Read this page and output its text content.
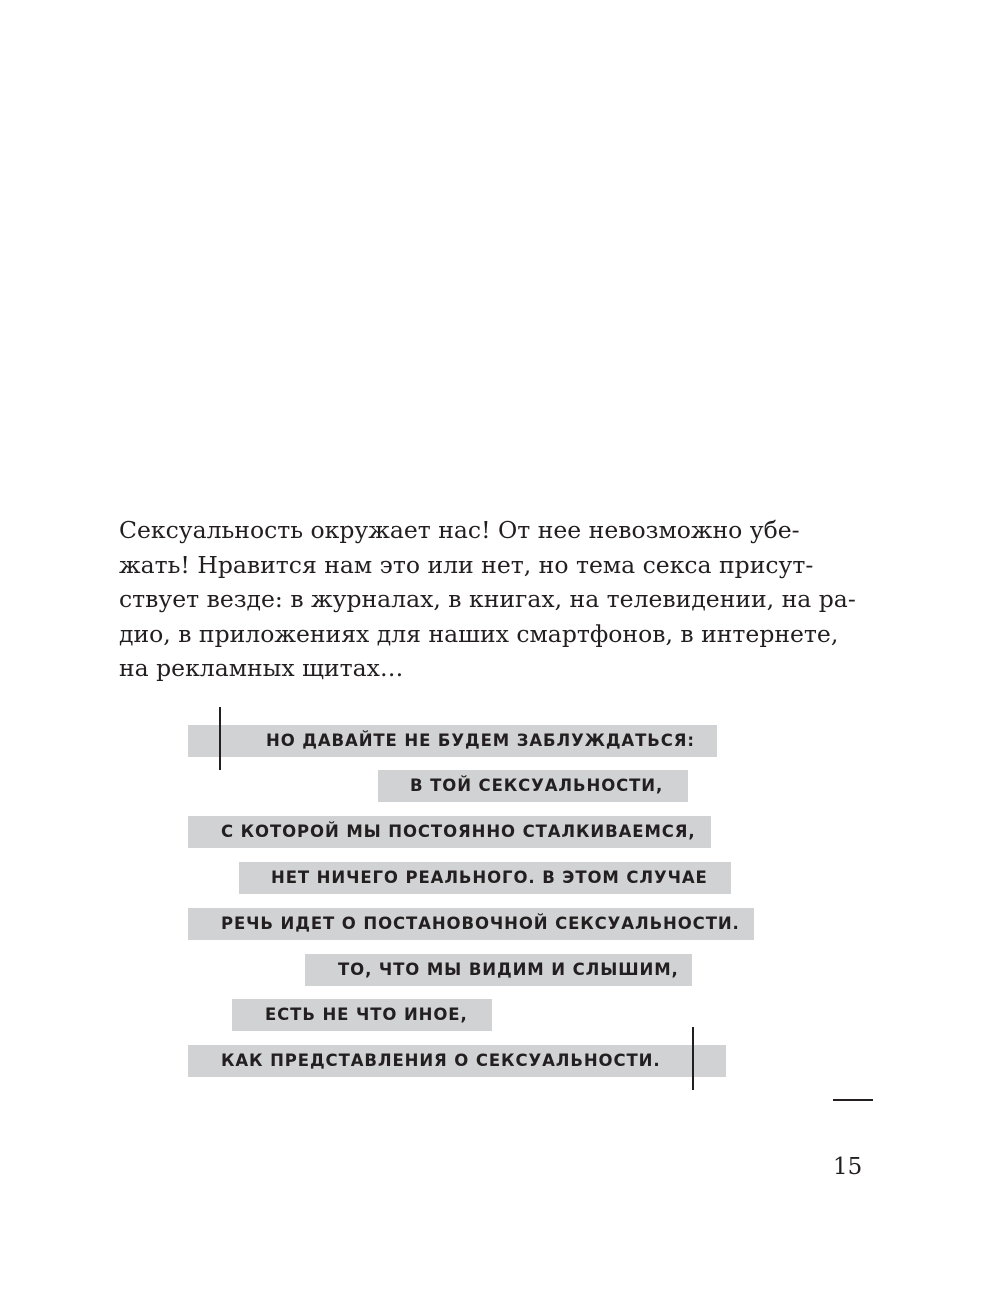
Сексуальность окружает нас! От нее невозможно убе-
жать! Нравится нам это или нет, но тема секса присут-
ствует везде: в журналах, в книгах, на телевидении, на ра-
дио, в приложениях для наших смартфонов, в интернете,
на рекламных щитах…
НО ДАВАЙТЕ НЕ БУДЕМ ЗАБЛУЖДАТЬСЯ:
В ТОЙ СЕКСУАЛЬНОСТИ,
С КОТОРОЙ МЫ ПОСТОЯННО СТАЛКИВАЕМСЯ,
НЕТ НИЧЕГО РЕАЛЬНОГО. В ЭТОМ СЛУЧАЕ
РЕЧЬ ИДЕТ О ПОСТАНОВОЧНОЙ СЕКСУАЛЬНОСТИ.
ТО, ЧТО МЫ ВИДИМ И СЛЫШИМ,
ЕСТЬ НЕ ЧТО ИНОЕ,
КАК ПРЕДСТАВЛЕНИЯ О СЕКСУАЛЬНОСТИ.
15
